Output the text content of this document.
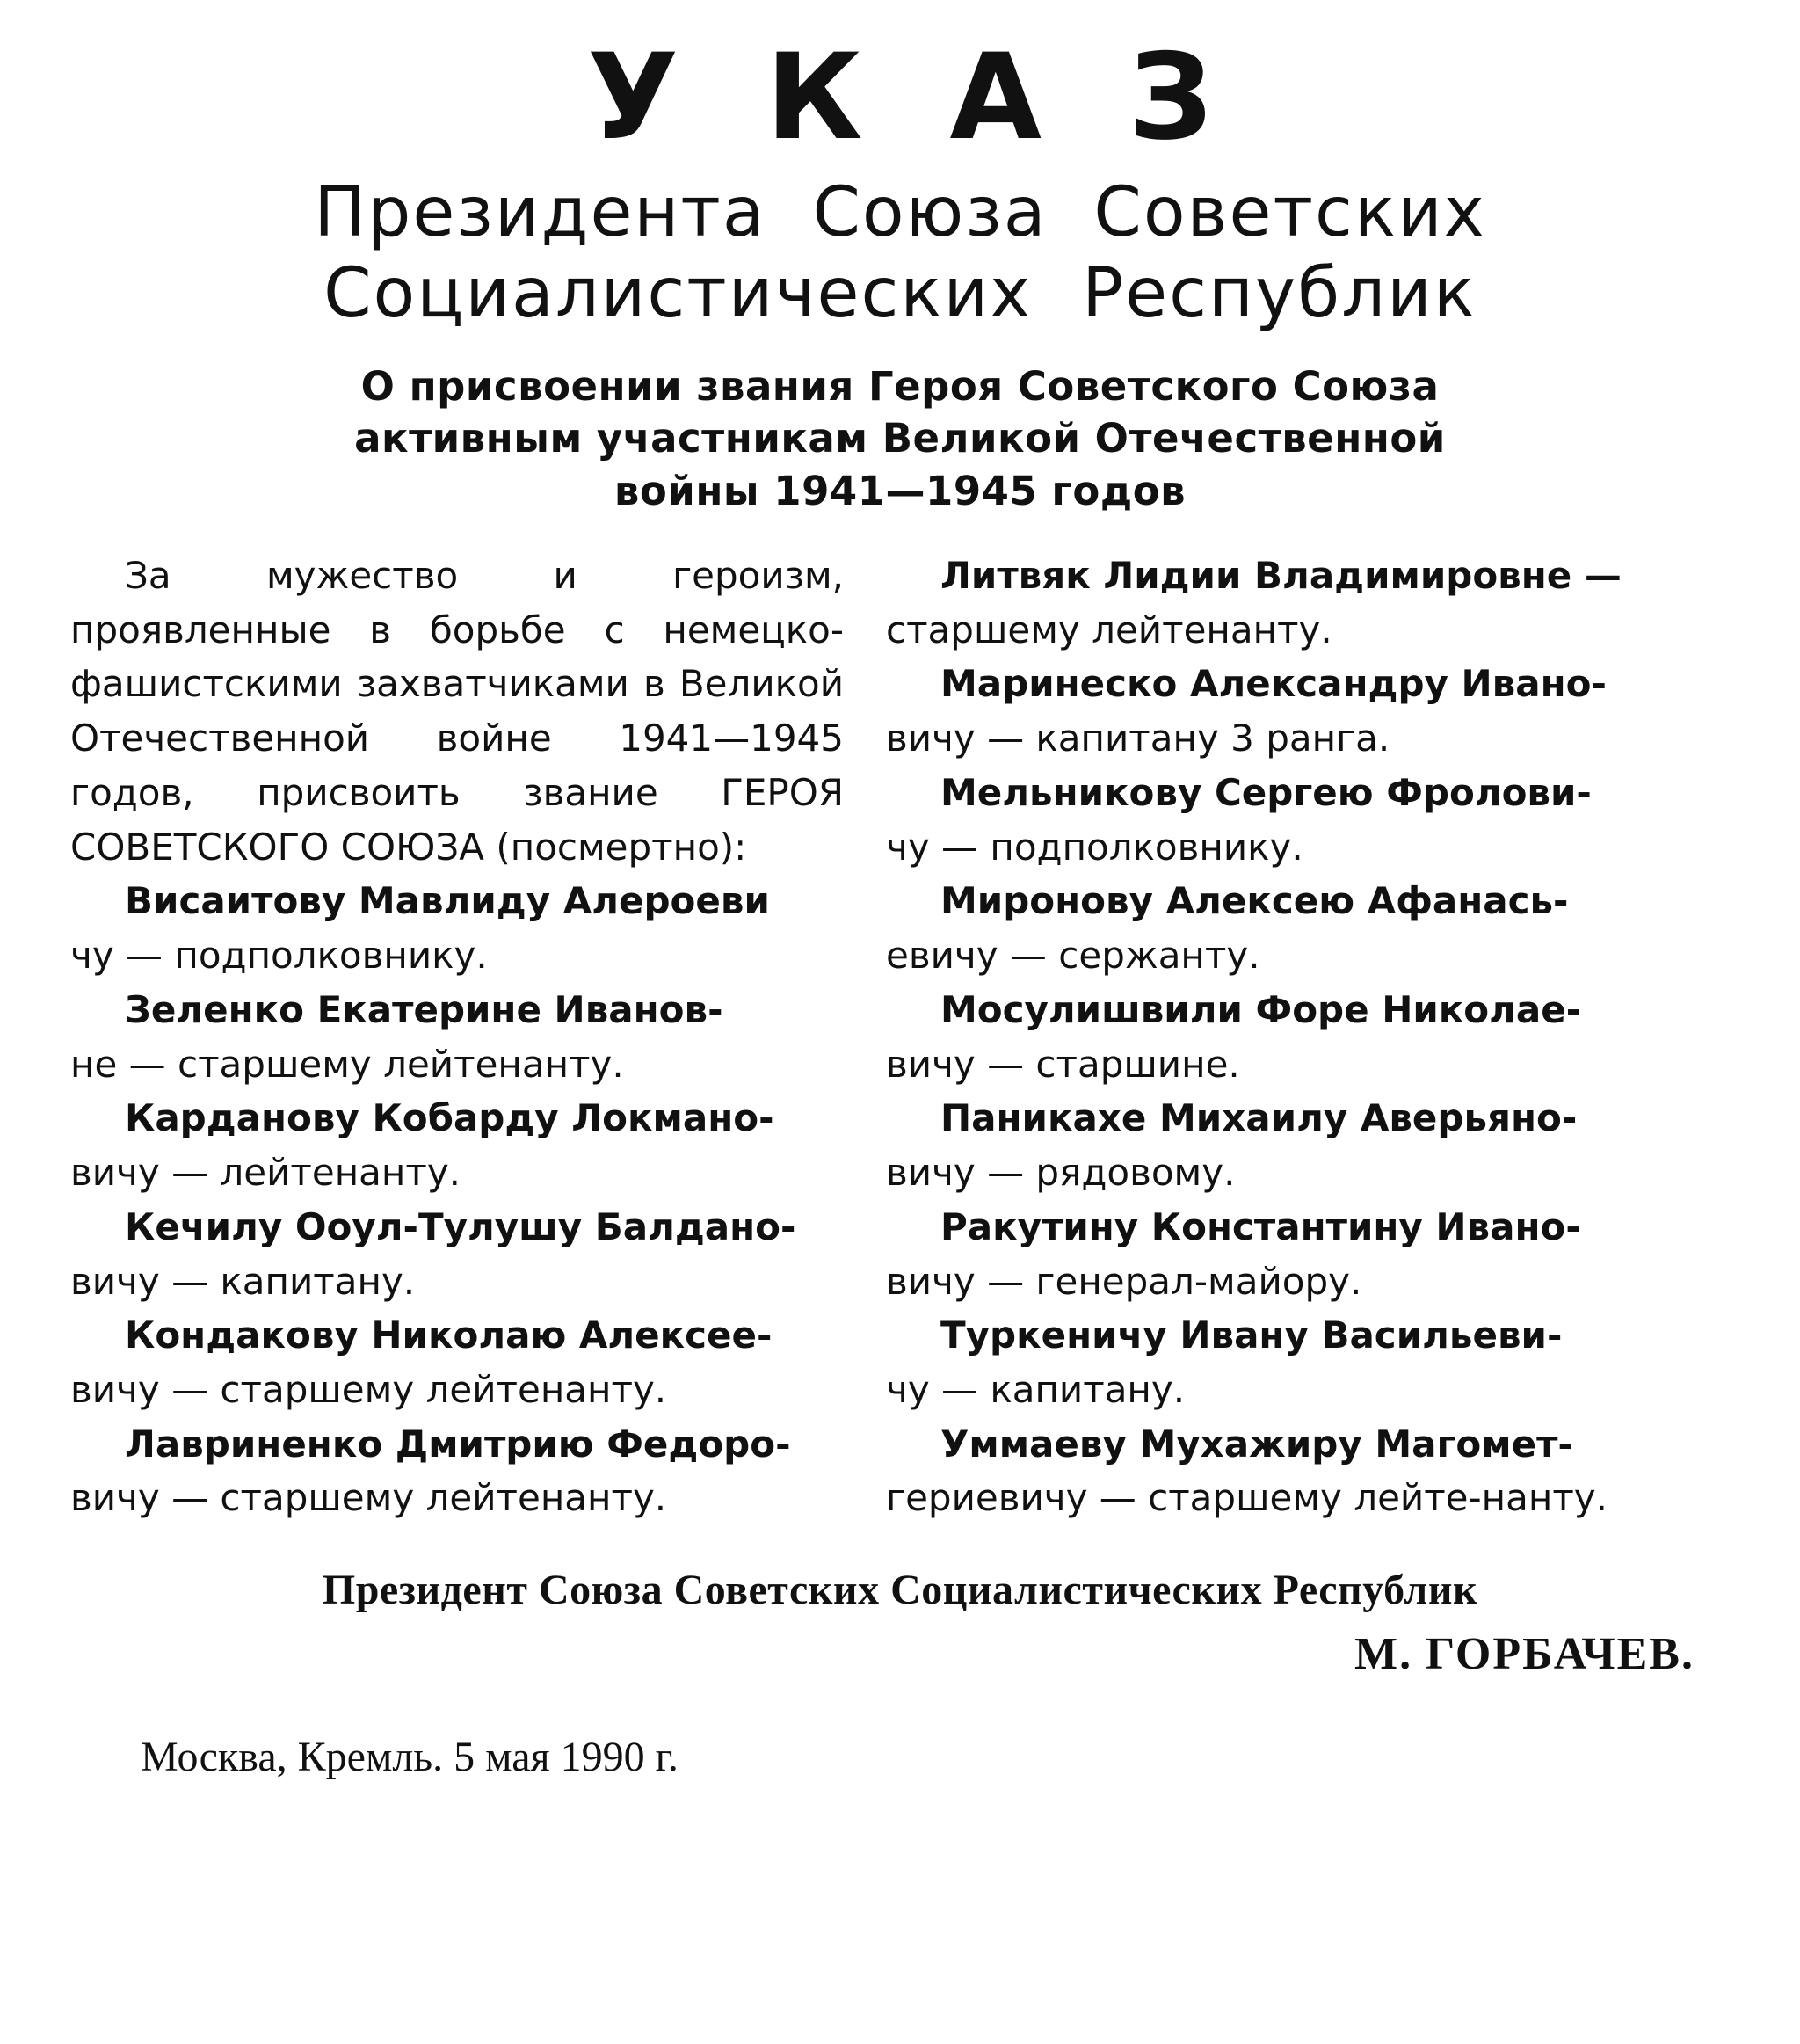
У К А З
Президента Союза Советских
Социалистических Республик
О присвоении звания Героя Советского Союза
активным участникам Великой Отечественной
войны 1941—1945 годов

За мужество и героизм, проявленные в борьбе с немецко-фашистскими захватчиками в Великой Отечественной войне 1941—1945 годов, присвоить звание ГЕРОЯ СОВЕТСКОГО СОЮЗА (посмертно):

Висаитову Мавлиду Алероеви

чу — подполковнику.

Зеленко Екатерине Иванов-

не — старшему лейтенанту.

Карданову Кобарду Локмано-

вичу — лейтенанту.

Кечилу Ооул-Тулушу Балдано-

вичу — капитану.

Кондакову Николаю Алексее-

вичу — старшему лейтенанту.

Лавриненко Дмитрию Федоро-

вичу — старшему лейтенанту.

Литвяк Лидии Владимировне —

старшему лейтенанту.

Маринеско Александру Ивано-

вичу — капитану 3 ранга.

Мельникову Сергею Фролови-

чу — подполковнику.

Миронову Алексею Афанась-

евичу — сержанту.

Мосулишвили Форе Николае-

вичу — старшине.

Паникахе Михаилу Аверьяно-

вичу — рядовому.

Ракутину Константину Ивано-

вичу — генерал-майору.

Туркеничу Ивану Васильеви-

чу — капитану.

Уммаеву Мухажиру Магомет-

гериевичу — старшему лейте-нанту.

Президент Союза Советских Социалистических Республик
М. ГОРБАЧЕВ.
Москва, Кремль. 5 мая 1990 г.
